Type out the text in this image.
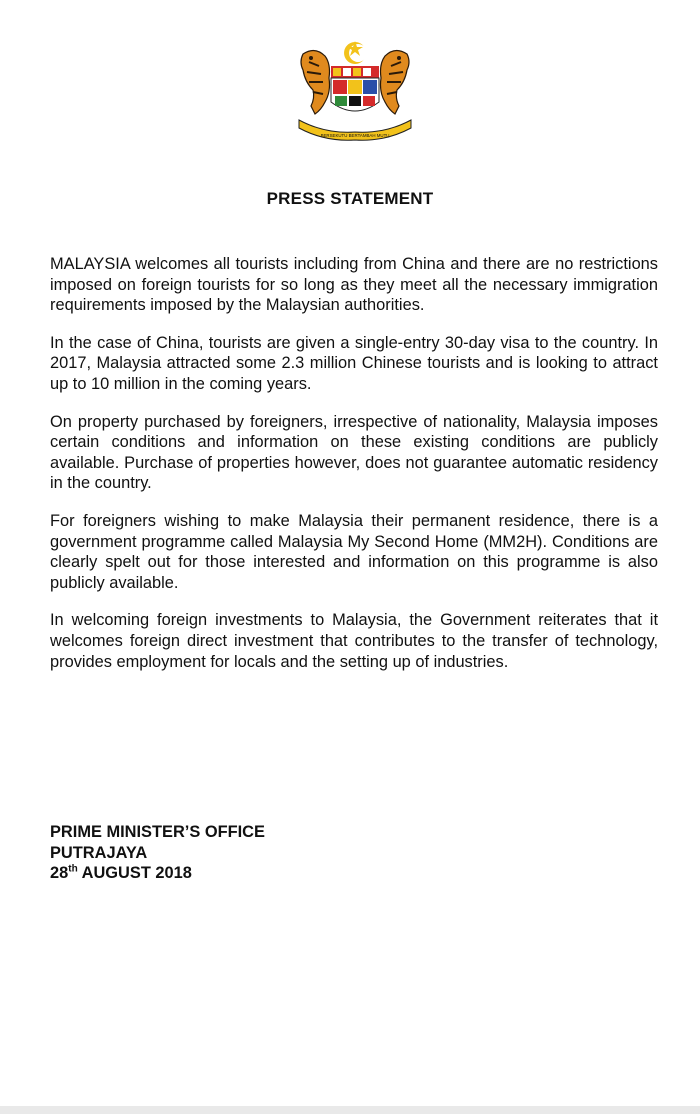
BERSEKUTU BERTAMBAH MUTU
PRESS STATEMENT

MALAYSIA welcomes all tourists including from China and there are no restrictions imposed on foreign tourists for so long as they meet all the necessary immigration requirements imposed by the Malaysian authorities.

In the case of China, tourists are given a single-entry 30-day visa to the country. In 2017, Malaysia attracted some 2.3 million Chinese tourists and is looking to attract up to 10 million in the coming years.

On property purchased by foreigners, irrespective of nationality, Malaysia imposes certain conditions and information on these existing conditions are publicly available. Purchase of properties however, does not guarantee automatic residency in the country.

For foreigners wishing to make Malaysia their permanent residence, there is a government programme called Malaysia My Second Home (MM2H). Conditions are clearly spelt out for those interested and information on this programme is also publicly available.

In welcoming foreign investments to Malaysia, the Government reiterates that it welcomes foreign direct investment that contributes to the transfer of technology, provides employment for locals and the setting up of industries.

PRIME MINISTER’S OFFICE
PUTRAJAYA
28th AUGUST 2018
